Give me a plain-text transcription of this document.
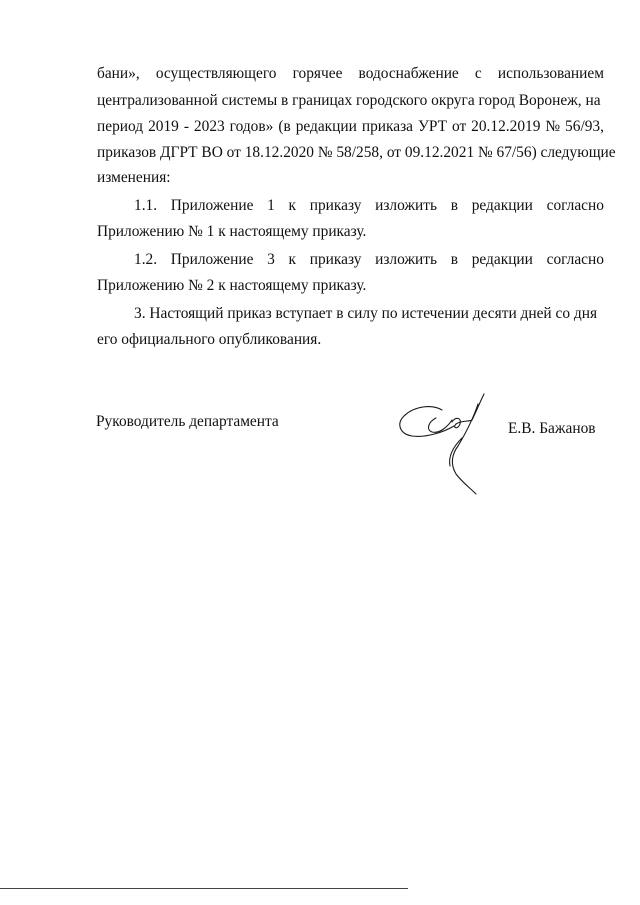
бани», осуществляющего горячее водоснабжение с использованием
централизованной системы в границах городского округа город Воронеж, на
период 2019 - 2023 годов» (в редакции приказа УРТ от 20.12.2019 № 56/93,
приказов ДГРТ ВО от 18.12.2020 № 58/258, от 09.12.2021 № 67/56) следующие
изменения:
1.1. Приложение 1 к приказу изложить в редакции согласно
Приложению № 1 к настоящему приказу.
1.2. Приложение 3 к приказу изложить в редакции согласно
Приложению № 2 к настоящему приказу.
3. Настоящий приказ вступает в силу по истечении десяти дней со дня
его официального опубликования.
Руководитель департамента	Е.В. Бажанов
